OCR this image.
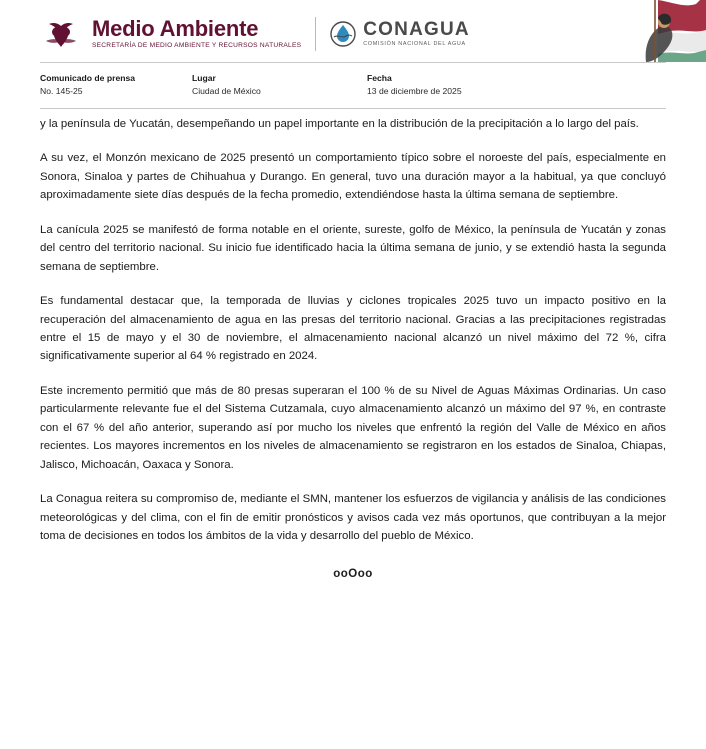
Medio Ambiente
SECRETARÍA DE MEDIO AMBIENTE Y RECURSOS NATURALES
CONAGUA
COMISIÓN NACIONAL DEL AGUA
Comunicado de prensa
No. 145-25
Lugar
Ciudad de México
Fecha
13 de diciembre de 2025

y la península de Yucatán, desempeñando un papel importante en la distribución de la precipitación a lo largo del país.

A su vez, el Monzón mexicano de 2025 presentó un comportamiento típico sobre el noroeste del país, especialmente en Sonora, Sinaloa y partes de Chihuahua y Durango. En general, tuvo una duración mayor a la habitual, ya que concluyó aproximadamente siete días después de la fecha promedio, extendiéndose hasta la última semana de septiembre.

La canícula 2025 se manifestó de forma notable en el oriente, sureste, golfo de México, la península de Yucatán y zonas del centro del territorio nacional. Su inicio fue identificado hacia la última semana de junio, y se extendió hasta la segunda semana de septiembre.

Es fundamental destacar que, la temporada de lluvias y ciclones tropicales 2025 tuvo un impacto positivo en la recuperación del almacenamiento de agua en las presas del territorio nacional. Gracias a las precipitaciones registradas entre el 15 de mayo y el 30 de noviembre, el almacenamiento nacional alcanzó un nivel máximo del 72 %, cifra significativamente superior al 64 % registrado en 2024.

Este incremento permitió que más de 80 presas superaran el 100 % de su Nivel de Aguas Máximas Ordinarias. Un caso particularmente relevante fue el del Sistema Cutzamala, cuyo almacenamiento alcanzó un máximo del 97 %, en contraste con el 67 % del año anterior, superando así por mucho los niveles que enfrentó la región del Valle de México en años recientes. Los mayores incrementos en los niveles de almacenamiento se registraron en los estados de Sinaloa, Chiapas, Jalisco, Michoacán, Oaxaca y Sonora.

La Conagua reitera su compromiso de, mediante el SMN, mantener los esfuerzos de vigilancia y análisis de las condiciones meteorológicas y del clima, con el fin de emitir pronósticos y avisos cada vez más oportunos, que contribuyan a la mejor toma de decisiones en todos los ámbitos de la vida y desarrollo del pueblo de México.

ooOoo
